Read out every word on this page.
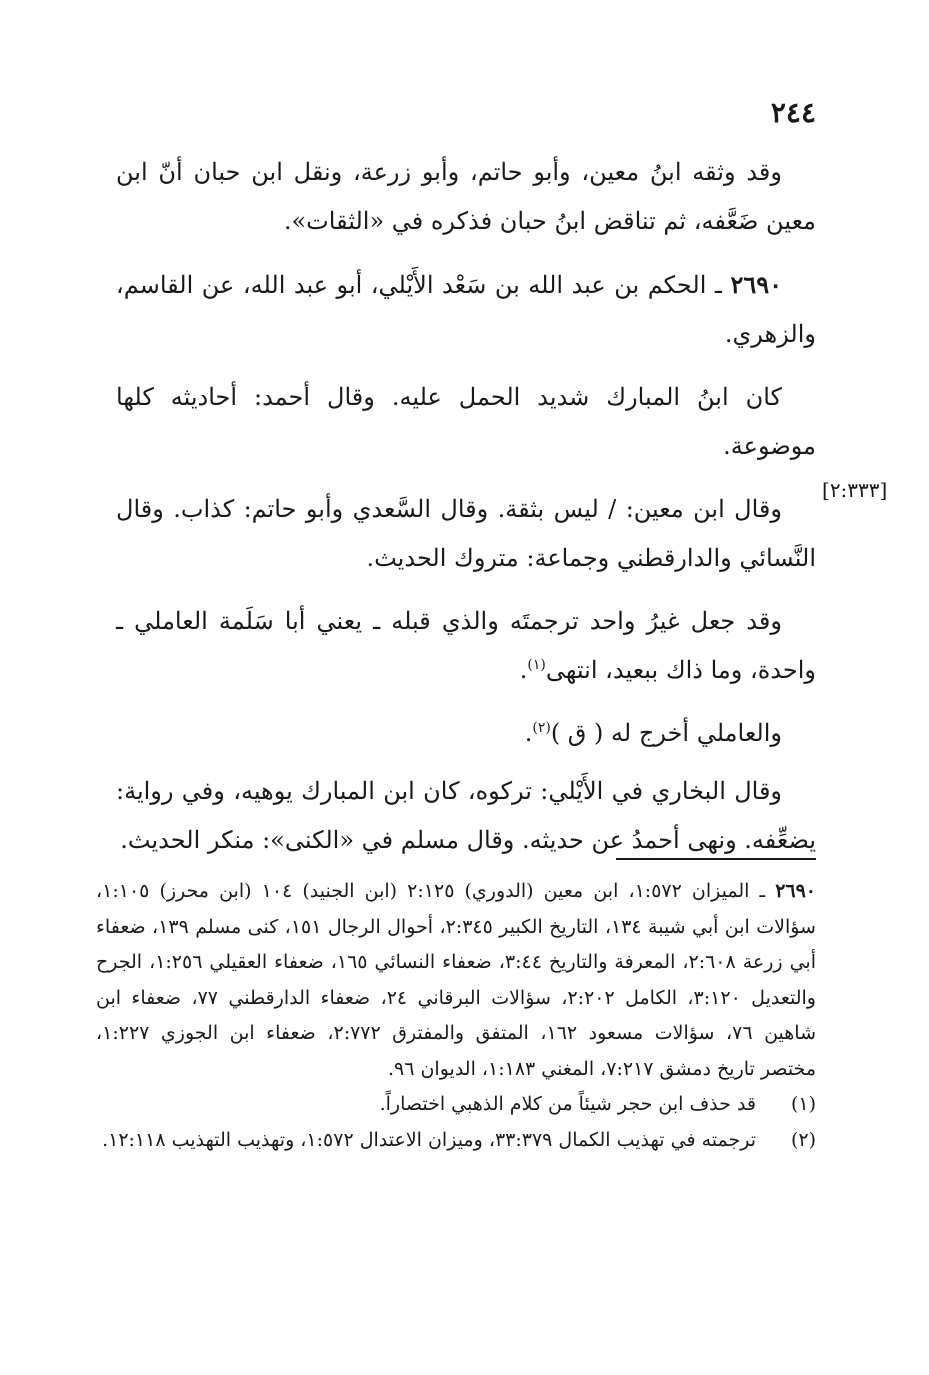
٢٤٤
[٢:٣٣٣]

وقد وثقه ابنُ معين، وأبو حاتم، وأبو زرعة، ونقل ابن حبان أنّ ابن معين ضَعَّفه، ثم تناقض ابنُ حبان فذكره في «الثقات».

٢٦٩٠ ـ الحكم بن عبد الله بن سَعْد الأَيْلي، أبو عبد الله، عن القاسم، والزهري.

كان ابنُ المبارك شديد الحمل عليه. وقال أحمد: أحاديثه كلها موضوعة.

وقال ابن معين: / ليس بثقة. وقال السَّعدي وأبو حاتم: كذاب. وقال النَّسائي والدارقطني وجماعة: متروك الحديث.

وقد جعل غيرُ واحد ترجمتَه والذي قبله ـ يعني أبا سَلَمة العاملي ـ واحدة، وما ذاك ببعيد، انتهى$^{(١)}$.

والعاملي أخرج له ( ق )$^{(٢)}$.

وقال البخاري في الأَيْلي: تركوه، كان ابن المبارك يوهيه، وفي رواية: يضعِّفه. ونهى أحمدُ عن حديثه. وقال مسلم في «الكنى»: منكر الحديث.

٢٦٩٠ ـ الميزان ١:٥٧٢، ابن معين (الدوري) ٢:١٢٥ (ابن الجنيد) ١٠٤ (ابن محرز) ١:١٠٥، سؤالات ابن أبي شيبة ١٣٤، التاريخ الكبير ٢:٣٤٥، أحوال الرجال ١٥١، كنى مسلم ١٣٩، ضعفاء أبي زرعة ٢:٦٠٨، المعرفة والتاريخ ٣:٤٤، ضعفاء النسائي ١٦٥، ضعفاء العقيلي ١:٢٥٦، الجرح والتعديل ٣:١٢٠، الكامل ٢:٢٠٢، سؤالات البرقاني ٢٤، ضعفاء الدارقطني ٧٧، ضعفاء ابن شاهين ٧٦، سؤالات مسعود ١٦٢، المتفق والمفترق ٢:٧٧٢، ضعفاء ابن الجوزي ١:٢٢٧، مختصر تاريخ دمشق ٧:٢١٧، المغني ١:١٨٣، الديوان ٩٦.

(١)قد حذف ابن حجر شيئاً من كلام الذهبي اختصاراً.

(٢)ترجمته في تهذيب الكمال ٣٣:٣٧٩، وميزان الاعتدال ١:٥٧٢، وتهذيب التهذيب ١٢:١١٨.
